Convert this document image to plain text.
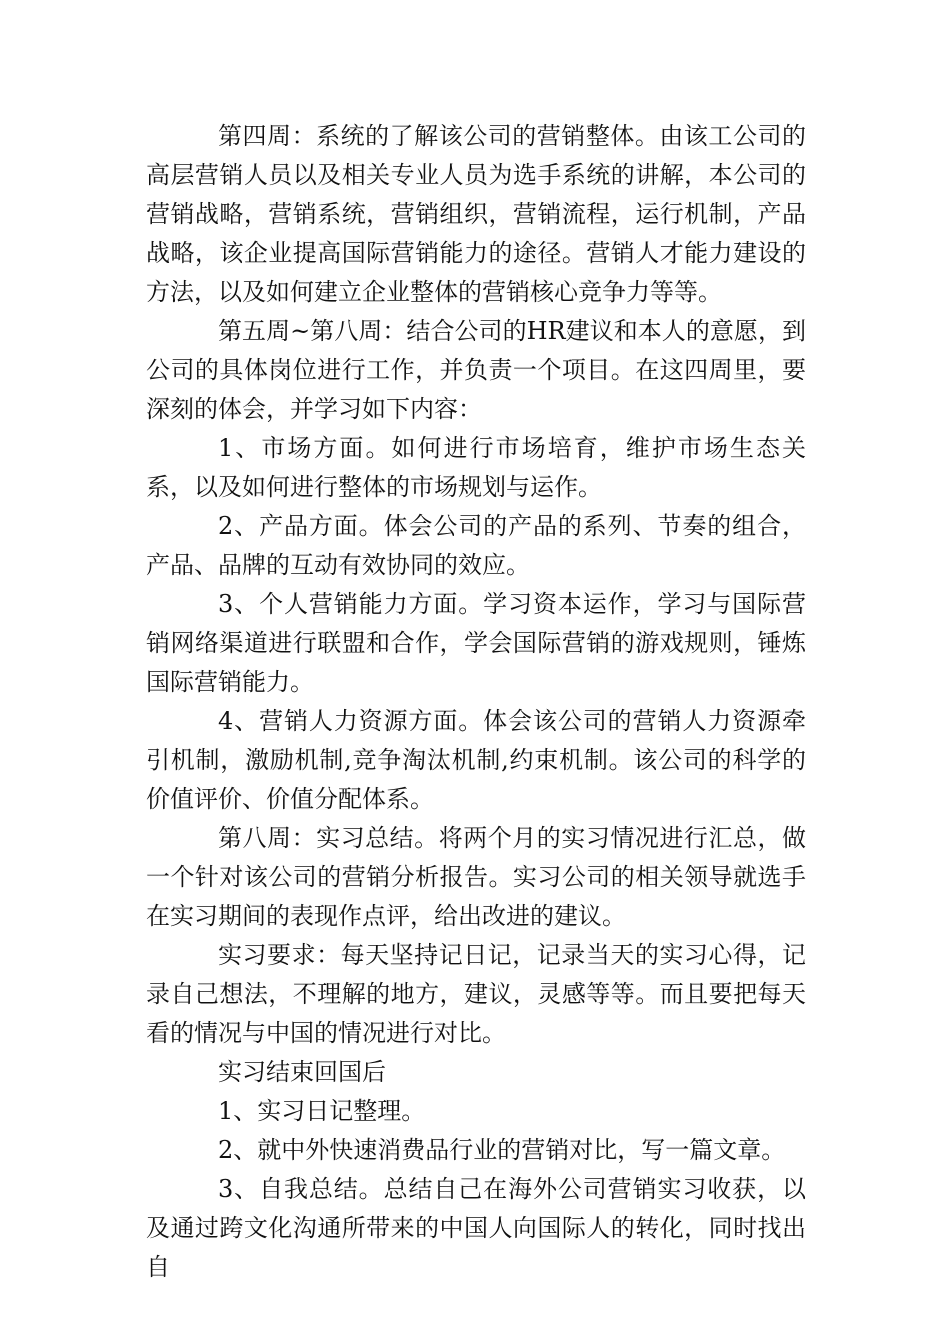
第四周：系统的了解该公司的营销整体。由该工公司的高层营销人员以及相关专业人员为选手系统的讲解，本公司的营销战略，营销系统，营销组织，营销流程，运行机制，产品战略，该企业提高国际营销能力的途径。营销人才能力建设的方法，以及如何建立企业整体的营销核心竞争力等等。

第五周~第八周：结合公司的HR建议和本人的意愿，到公司的具体岗位进行工作，并负责一个项目。在这四周里，要深刻的体会，并学习如下内容：

1、市场方面。如何进行市场培育，维护市场生态关系，以及如何进行整体的市场规划与运作。

2、产品方面。体会公司的产品的系列、节奏的组合，产品、品牌的互动有效协同的效应。

3、个人营销能力方面。学习资本运作，学习与国际营销网络渠道进行联盟和合作，学会国际营销的游戏规则，锤炼国际营销能力。

4、营销人力资源方面。体会该公司的营销人力资源牵引机制，激励机制,竞争淘汰机制,约束机制。该公司的科学的价值评价、价值分配体系。

第八周：实习总结。将两个月的实习情况进行汇总，做一个针对该公司的营销分析报告。实习公司的相关领导就选手在实习期间的表现作点评，给出改进的建议。

实习要求：每天坚持记日记，记录当天的实习心得，记录自己想法，不理解的地方，建议，灵感等等。而且要把每天看的情况与中国的情况进行对比。

实习结束回国后

1、实习日记整理。

2、就中外快速消费品行业的营销对比，写一篇文章。

3、自我总结。总结自己在海外公司营销实习收获，以及通过跨文化沟通所带来的中国人向国际人的转化，同时找出自
